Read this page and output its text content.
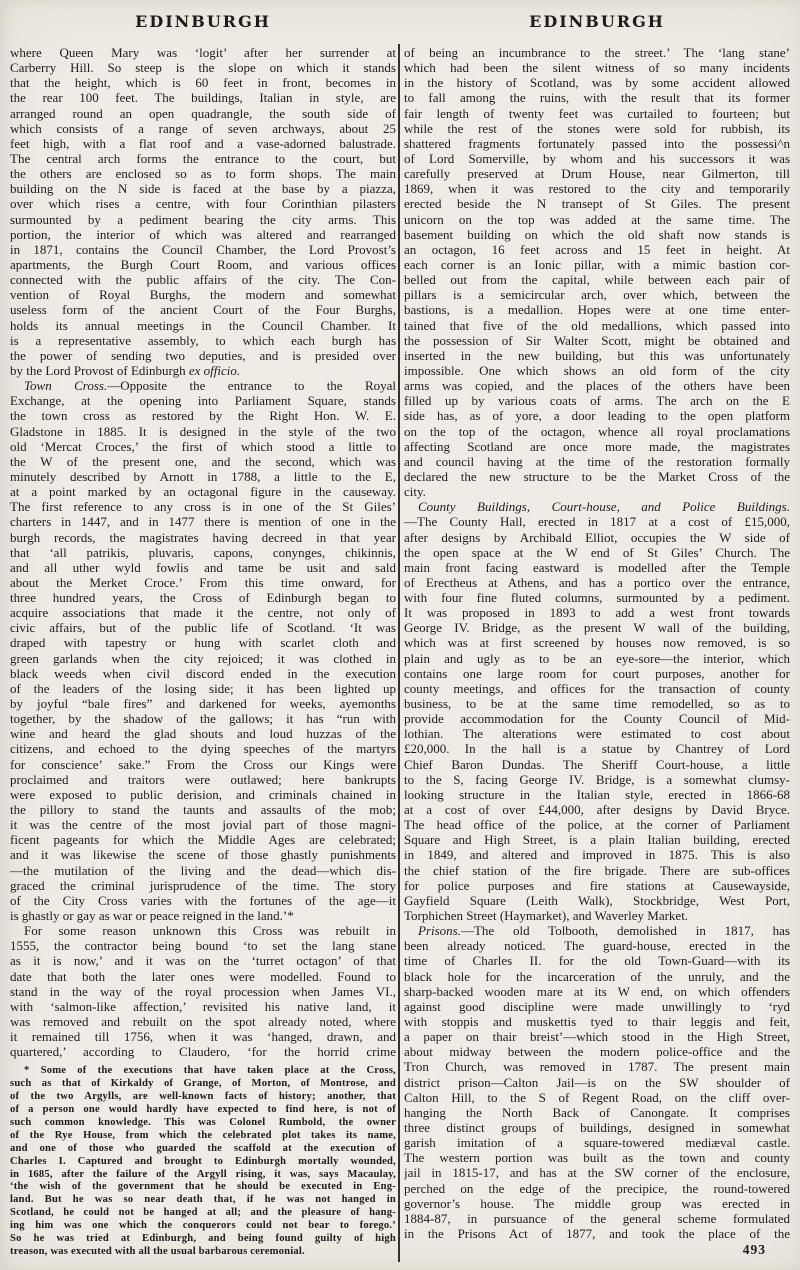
EDINBURGH
where Queen Mary was ‘logit’ after her surrender at
Carberry Hill. So steep is the slope on which it stands
that the height, which is 60 feet in front, becomes in
the rear 100 feet. The buildings, Italian in style, are
arranged round an open quadrangle, the south side of
which consists of a range of seven archways, about 25
feet high, with a flat roof and a vase-adorned balustrade.
The central arch forms the entrance to the court, but
the others are enclosed so as to form shops. The main
building on the N side is faced at the base by a piazza,
over which rises a centre, with four Corinthian pilasters
surmounted by a pediment bearing the city arms. This
portion, the interior of which was altered and rearranged
in 1871, contains the Council Chamber, the Lord Provost’s
apartments, the Burgh Court Room, and various offices
connected with the public affairs of the city. The Con-
vention of Royal Burghs, the modern and somewhat
useless form of the ancient Court of the Four Burghs,
holds its annual meetings in the Council Chamber. It
is a representative assembly, to which each burgh has
the power of sending two deputies, and is presided over
by the Lord Provost of Edinburgh ex officio.
Town Cross.—Opposite the entrance to the Royal
Exchange, at the opening into Parliament Square, stands
the town cross as restored by the Right Hon. W. E.
Gladstone in 1885. It is designed in the style of the two
old ‘Mercat Croces,’ the first of which stood a little to
the W of the present one, and the second, which was
minutely described by Arnott in 1788, a little to the E,
at a point marked by an octagonal figure in the causeway.
The first reference to any cross is in one of the St Giles’
charters in 1447, and in 1477 there is mention of one in the
burgh records, the magistrates having decreed in that year
that ‘all patrikis, pluvaris, capons, conynges, chikinnis,
and all uther wyld fowlis and tame be usit and sald
about the Merket Croce.’ From this time onward, for
three hundred years, the Cross of Edinburgh began to
acquire associations that made it the centre, not only of
civic affairs, but of the public life of Scotland. ‘It was
draped with tapestry or hung with scarlet cloth and
green garlands when the city rejoiced; it was clothed in
black weeds when civil discord ended in the execution
of the leaders of the losing side; it has been lighted up
by joyful “bale fires” and darkened for weeks, ayemonths
together, by the shadow of the gallows; it has “run with
wine and heard the glad shouts and loud huzzas of the
citizens, and echoed to the dying speeches of the martyrs
for conscience’ sake.” From the Cross our Kings were
proclaimed and traitors were outlawed; here bankrupts
were exposed to public derision, and criminals chained in
the pillory to stand the taunts and assaults of the mob;
it was the centre of the most jovial part of those magni-
ficent pageants for which the Middle Ages are celebrated;
and it was likewise the scene of those ghastly punishments
—the mutilation of the living and the dead—which dis-
graced the criminal jurisprudence of the time. The story
of the City Cross varies with the fortunes of the age—it
is ghastly or gay as war or peace reigned in the land.’*
For some reason unknown this Cross was rebuilt in
1555, the contractor being bound ‘to set the lang stane
as it is now,’ and it was on the ‘turret octagon’ of that
date that both the later ones were modelled. Found to
stand in the way of the royal procession when James VI.,
with ‘salmon-like affection,’ revisited his native land, it
was removed and rebuilt on the spot already noted, where
it remained till 1756, when it was ‘hanged, drawn, and
quartered,’ according to Claudero, ‘for the horrid crime
* Some of the executions that have taken place at the Cross,
such as that of Kirkaldy of Grange, of Morton, of Montrose, and
of the two Argylls, are well-known facts of history; another, that
of a person one would hardly have expected to find here, is not of
such common knowledge. This was Colonel Rumbold, the owner
of the Rye House, from which the celebrated plot takes its name,
and one of those who guarded the scaffold at the execution of
Charles I. Captured and brought to Edinburgh mortally wounded,
in 1685, after the failure of the Argyll rising, it was, says Macaulay,
‘the wish of the government that he should be executed in Eng-
land. But he was so near death that, if he was not hanged in
Scotland, he could not be hanged at all; and the pleasure of hang-
ing him was one which the conquerors could not bear to forego.’
So he was tried at Edinburgh, and being found guilty of high
treason, was executed with all the usual barbarous ceremonial.
EDINBURGH
of being an incumbrance to the street.’ The ‘lang stane’
which had been the silent witness of so many incidents
in the history of Scotland, was by some accident allowed
to fall among the ruins, with the result that its former
fair length of twenty feet was curtailed to fourteen; but
while the rest of the stones were sold for rubbish, its
shattered fragments fortunately passed into the possessi^n
of Lord Somerville, by whom and his successors it was
carefully preserved at Drum House, near Gilmerton, till
1869, when it was restored to the city and temporarily
erected beside the N transept of St Giles. The present
unicorn on the top was added at the same time. The
basement building on which the old shaft now stands is
an octagon, 16 feet across and 15 feet in height. At
each corner is an Ionic pillar, with a mimic bastion cor-
belled out from the capital, while between each pair of
pillars is a semicircular arch, over which, between the
bastions, is a medallion. Hopes were at one time enter-
tained that five of the old medallions, which passed into
the possession of Sir Walter Scott, might be obtained and
inserted in the new building, but this was unfortunately
impossible. One which shows an old form of the city
arms was copied, and the places of the others have been
filled up by various coats of arms. The arch on the E
side has, as of yore, a door leading to the open platform
on the top of the octagon, whence all royal proclamations
affecting Scotland are once more made, the magistrates
and council having at the time of the restoration formally
declared the new structure to be the Market Cross of the
city.
County Buildings, Court-house, and Police Buildings.
—The County Hall, erected in 1817 at a cost of £15,000,
after designs by Archibald Elliot, occupies the W side of
the open space at the W end of St Giles’ Church. The
main front facing eastward is modelled after the Temple
of Erectheus at Athens, and has a portico over the entrance,
with four fine fluted columns, surmounted by a pediment.
It was proposed in 1893 to add a west front towards
George IV. Bridge, as the present W wall of the building,
which was at first screened by houses now removed, is so
plain and ugly as to be an eye-sore—the interior, which
contains one large room for court purposes, another for
county meetings, and offices for the transaction of county
business, to be at the same time remodelled, so as to
provide accommodation for the County Council of Mid-
lothian. The alterations were estimated to cost about
£20,000. In the hall is a statue by Chantrey of Lord
Chief Baron Dundas. The Sheriff Court-house, a little
to the S, facing George IV. Bridge, is a somewhat clumsy-
looking structure in the Italian style, erected in 1866-68
at a cost of over £44,000, after designs by David Bryce.
The head office of the police, at the corner of Parliament
Square and High Street, is a plain Italian building, erected
in 1849, and altered and improved in 1875. This is also
the chief station of the fire brigade. There are sub-offices
for police purposes and fire stations at Causewayside,
Gayfield Square (Leith Walk), Stockbridge, West Port,
Torphichen Street (Haymarket), and Waverley Market.
Prisons.—The old Tolbooth, demolished in 1817, has
been already noticed. The guard-house, erected in the
time of Charles II. for the old Town-Guard—with its
black hole for the incarceration of the unruly, and the
sharp-backed wooden mare at its W end, on which offenders
against good discipline were made unwillingly to ‘ryd
with stoppis and muskettis tyed to thair leggis and feit,
a paper on thair breist’—which stood in the High Street,
about midway between the modern police-office and the
Tron Church, was removed in 1787. The present main
district prison—Calton Jail—is on the SW shoulder of
Calton Hill, to the S of Regent Road, on the cliff over-
hanging the North Back of Canongate. It comprises
three distinct groups of buildings, designed in somewhat
garish imitation of a square-towered mediæval castle.
The western portion was built as the town and county
jail in 1815-17, and has at the SW corner of the enclosure,
perched on the edge of the precipice, the round-towered
governor’s house. The middle group was erected in
1884-87, in pursuance of the general scheme formulated
in the Prisons Act of 1877, and took the place of the
493
